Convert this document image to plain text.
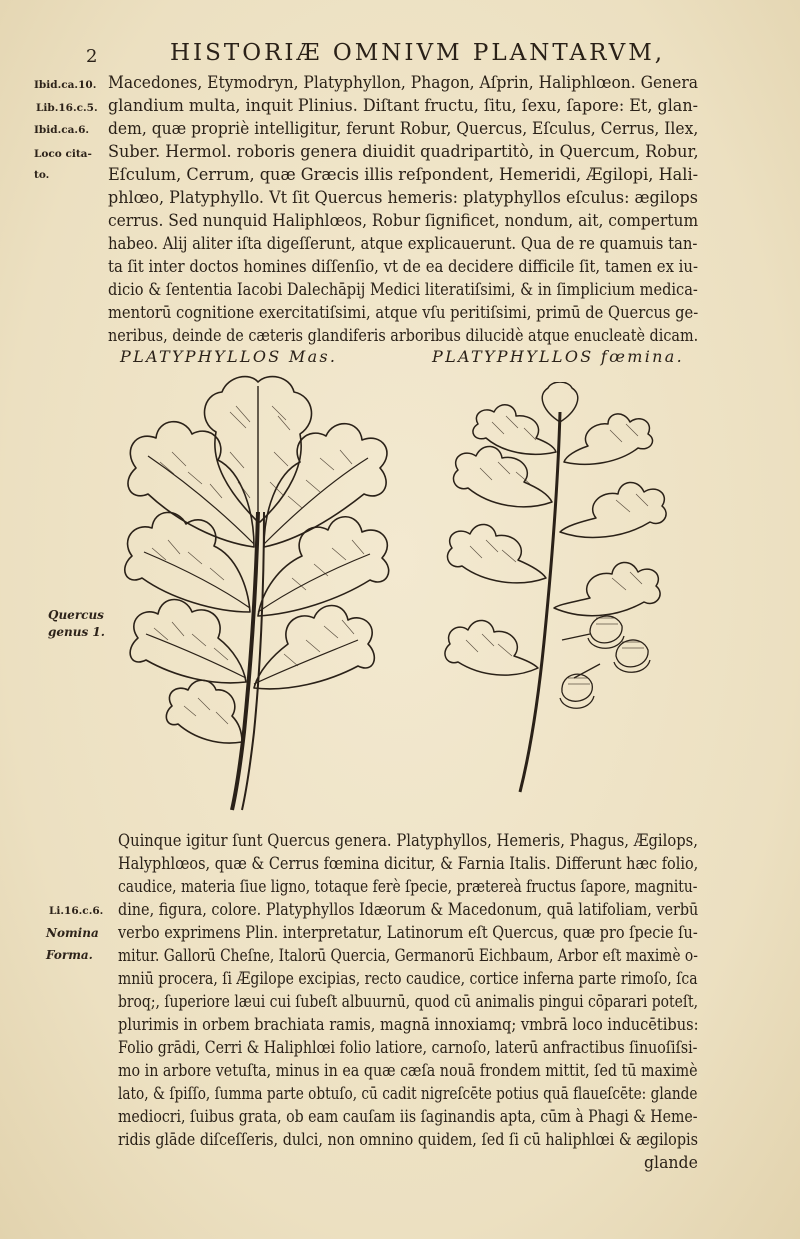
2	HISTORIÆ OMNIVM PLANTARVM,
Ibid.ca.10.
Lib.16.c.5.
Ibid.ca.6.
Loco cita-
to.
Quercus
genus 1.
Li.16.c.6.
Nomina
Forma.
Macedones, Etymodryn, Platyphyllon, Phagon, Aſprin, Haliphlœon. Genera
glandium multa, inquit Plinius. Diſtant fructu, ſitu, ſexu, ſapore: Et, glan-
dem, quæ propriè intelligitur, ferunt Robur, Quercus, Eſculus, Cerrus, Ilex,
Suber. Hermol. roboris genera diuidit quadripartitò, in Quercum, Robur,
Eſculum, Cerrum, quæ Græcis illis reſpondent, Hemeridi, Ægilopi, Hali-
phlœo, Platyphyllo. Vt ſit Quercus hemeris: platyphyllos eſculus: ægilops
cerrus. Sed nunquid Haliphlœos, Robur ſignificet, nondum, ait, compertum
habeo. Alij aliter iſta digeſſerunt, atque explicauerunt. Qua de re quamuis tan-
ta ſit inter doctos homines diſſenſio, vt de ea decidere difficile ſit, tamen ex iu-
dicio & ſententia Iacobi Dalechāpij Medici literatiſsimi, & in ſimplicium medica-
mentorū cognitione exercitatiſsimi, atque vſu peritiſsimi, primū de Quercus ge-
neribus, deinde de cæteris glandiferis arboribus dilucidè atque enucleatè dicam.
PLATYPHYLLOS Mas.	PLATYPHYLLOS fœmina.
Quinque igitur ſunt Quercus genera. Platyphyllos, Hemeris, Phagus, Ægilops,
Halyphlœos, quæ & Cerrus fœmina dicitur, & Farnia Italis. Differunt hæc folio,
caudice, materia ſiue ligno, totaque ferè ſpecie, prætereà fructus ſapore, magnitu-
dine, figura, colore. Platyphyllos Idæorum & Macedonum, quā latifoliam, verbū
verbo exprimens Plin. interpretatur, Latinorum eſt Quercus, quæ pro ſpecie ſu-
mitur. Gallorū Cheſne, Italorū Quercia, Germanorū Eichbaum, Arbor eſt maximè o-
mniū procera, ſi Ægilope excipias, recto caudice, cortice inferna parte rimoſo, ſca
broq;, ſuperiore læui cui ſubeſt albuurnū, quod cū animalis pingui cōparari poteſt,
plurimis in orbem brachiata ramis, magnā innoxiamq; vmbrā loco inducētibus:
Folio grādi, Cerri & Haliphlœi folio latiore, carnoſo, laterū anfractibus ſinuoſiſsi-
mo in arbore vetuſta, minus in ea quæ cæſa nouā frondem mittit, ſed tū maximè
lato, & ſpiſſo, ſumma parte obtuſo, cū cadit nigreſcēte potius quā flaueſcēte: glande
mediocri, ſuibus grata, ob eam cauſam iis ſaginandis apta, cūm à Phagi & Heme-
ridis glāde diſceſſeris, dulci, non omnino quidem, ſed ſi cū haliphlœi & ægilopis
glande
